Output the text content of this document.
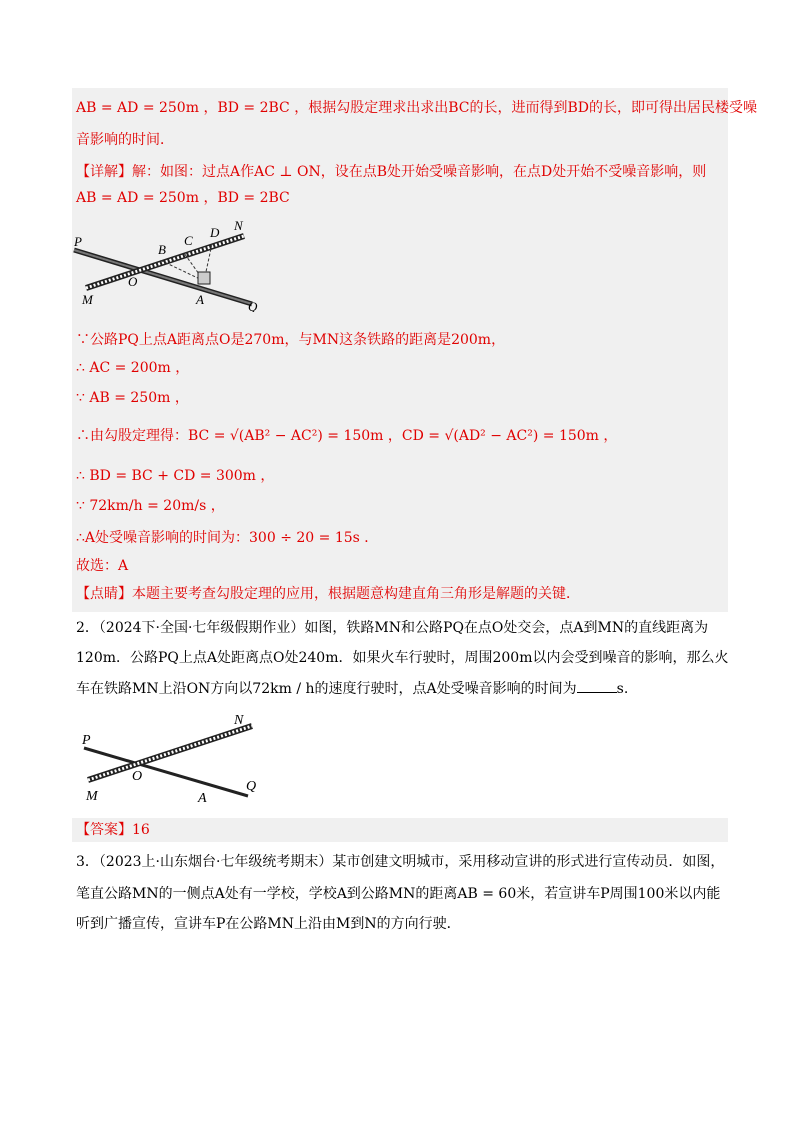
AB = AD = 250m ，BD = 2BC ，根据勾股定理求出求出BC的长，进而得到BD的长，即可得出居民楼受噪
音影响的时间．
【详解】解：如图：过点A作AC ⊥ ON，设在点B处开始受噪音影响，在点D处开始不受噪音影响，则
AB = AD = 250m ，BD = 2BC
P
B
C
D N
O
A
M	Q
∵公路PQ上点A距离点O是270m，与MN这条铁路的距离是200m，
∴ AC = 200m ，
∵ AB = 250m ，
∴由勾股定理得：BC = √(AB² − AC²) = 150m ，CD = √(AD² − AC²) = 150m ，
∴ BD = BC + CD = 300m ，
∵ 72km/h = 20m/s ，
∴A处受噪音影响的时间为：300 ÷ 20 = 15s ．
故选：A
【点睛】本题主要考查勾股定理的应用，根据题意构建直角三角形是解题的关键．
2．（2024下·全国·七年级假期作业）如图，铁路MN和公路PQ在点O处交会，点A到MN的直线距离为
120m．公路PQ上点A处距离点O处240m．如果火车行驶时，周围200m以内会受到噪音的影响，那么火
车在铁路MN上沿ON方向以72km / h的速度行驶时，点A处受噪音影响的时间为	s.
N
P
O
Q
M	A
【答案】16
3．（2023上·山东烟台·七年级统考期末）某市创建文明城市，采用移动宣讲的形式进行宣传动员．如图，
笔直公路MN的一侧点A处有一学校，学校A到公路MN的距离AB = 60米，若宣讲车P周围100米以内能
听到广播宣传，宣讲车P在公路MN上沿由M到N的方向行驶．
